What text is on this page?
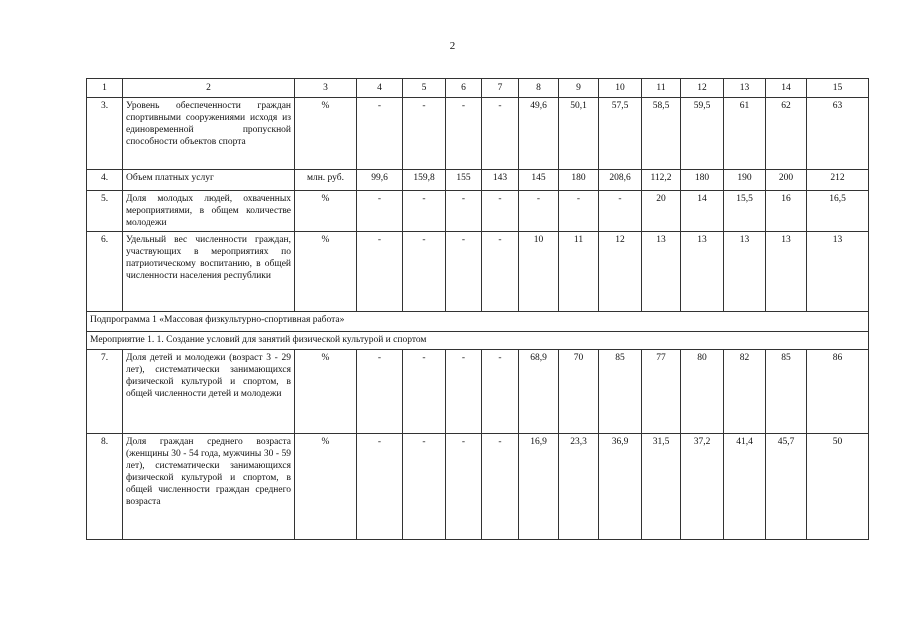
2
1	2	3	4	5	6	7	8	9	10	11	12	13	14	15
3.	Уровень обеспеченности граждан спортивными сооружениями исходя из единовременной пропускной способности объектов спорта	%	-	-	-	-	49,6	50,1	57,5	58,5	59,5	61	62	63
4.	Объем платных услуг	млн. руб.	99,6	159,8	155	143	145	180	208,6	112,2	180	190	200	212
5.	Доля молодых людей, охваченных мероприятиями, в общем количестве молодежи	%	-	-	-	-	-	-	-	20	14	15,5	16	16,5
6.	Удельный вес численности граждан, участвующих в мероприятиях по патриотическому воспитанию, в общей численности населения республики	%	-	-	-	-	10	11	12	13	13	13	13	13
Подпрограмма 1 «Массовая физкультурно-спортивная работа»														
Мероприятие 1. 1. Создание условий для занятий физической культурой и спортом														
7.	Доля детей и молодежи (возраст 3 - 29 лет), систематически занимающихся физической культурой и спортом, в общей численности детей и молодежи	%	-	-	-	-	68,9	70	85	77	80	82	85	86
8.	Доля граждан среднего возраста (женщины 30 - 54 года, мужчины 30 - 59 лет), систематически занимающихся физической культурой и спортом, в общей численности граждан среднего возраста	%	-	-	-	-	16,9	23,3	36,9	31,5	37,2	41,4	45,7	50
